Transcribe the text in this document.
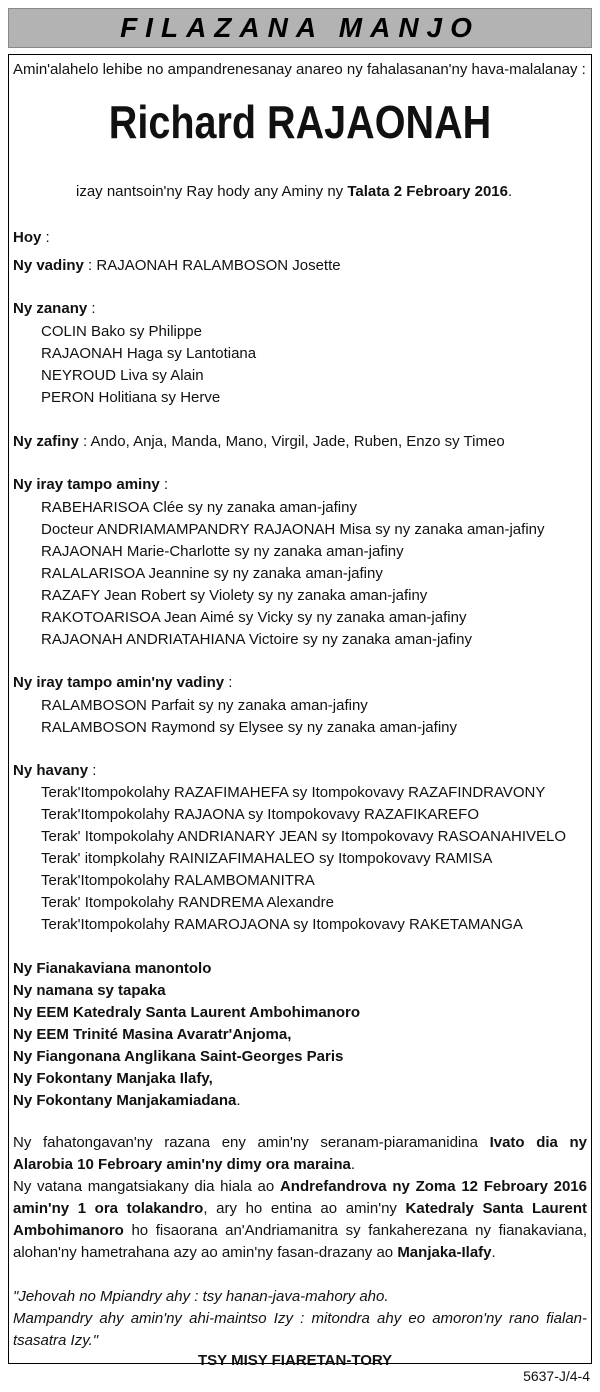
FILAZANA MANJO
Amin'alahelo lehibe no ampandrenesanay anareo ny fahalasanan'ny hava-malalanay :
Richard RAJAONAH
izay nantsoin'ny Ray hody any Aminy ny Talata 2 Febroary 2016.
Hoy :
Ny vadiny : RAJAONAH RALAMBOSON Josette
Ny zanany :
COLIN Bako sy Philippe
RAJAONAH Haga sy Lantotiana
NEYROUD Liva sy Alain
PERON Holitiana sy Herve
Ny zafiny : Ando, Anja, Manda, Mano, Virgil, Jade, Ruben, Enzo sy Timeo
Ny iray tampo aminy :
RABEHARISOA Clée sy ny zanaka aman-jafiny
Docteur ANDRIAMAMPANDRY RAJAONAH Misa sy ny zanaka aman-jafiny
RAJAONAH Marie-Charlotte sy ny zanaka aman-jafiny
RALALARISOA Jeannine sy ny zanaka aman-jafiny
RAZAFY Jean Robert sy Violety sy ny zanaka aman-jafiny
RAKOTOARISOA Jean Aimé sy Vicky sy ny zanaka aman-jafiny
RAJAONAH ANDRIATAHIANA Victoire sy ny zanaka aman-jafiny
Ny iray tampo amin'ny vadiny :
RALAMBOSON Parfait sy ny zanaka aman-jafiny
RALAMBOSON Raymond sy Elysee sy ny zanaka aman-jafiny
Ny havany :
Terak'Itompokolahy RAZAFIMAHEFA sy Itompokovavy RAZAFINDRAVONY
Terak'Itompokolahy RAJAONA sy Itompokovavy RAZAFIKAREFO
Terak' Itompokolahy ANDRIANARY JEAN sy Itompokovavy RASOANAHIVELO
Terak' itompkolahy RAINIZAFIMAHALEO sy Itompokovavy RAMISA
Terak'Itompokolahy RALAMBOMANITRA
Terak' Itompokolahy RANDREMA Alexandre
Terak'Itompokolahy RAMAROJAONA sy Itompokovavy RAKETAMANGA
Ny Fianakaviana manontolo
Ny namana sy tapaka
Ny EEM Katedraly Santa Laurent Ambohimanoro
Ny EEM Trinité Masina Avaratr'Anjoma,
Ny Fiangonana Anglikana Saint-Georges Paris
Ny Fokontany Manjaka Ilafy,
Ny Fokontany Manjakamiadana.
Ny fahatongavan'ny razana eny amin'ny seranam-piaramanidina Ivato dia ny Alarobia 10 Febroary amin'ny dimy ora maraina.
Ny vatana mangatsiakany dia hiala ao Andrefandrova ny Zoma 12 Febroary 2016 amin'ny 1 ora tolakandro, ary ho entina ao amin'ny Katedraly Santa Laurent Ambohimanoro ho fisaorana an'Andriamanitra sy fankaherezana ny fianakaviana, alohan'ny hametrahana azy ao amin'ny fasan-drazany ao Manjaka-Ilafy.
"Jehovah no Mpiandry ahy : tsy hanan-java-mahory aho.
Mampandry ahy amin'ny ahi-maintso Izy : mitondra ahy eo amoron'ny rano fialan-tsasatra Izy."
TSY MISY FIARETAN-TORY
5637-J/4-4
